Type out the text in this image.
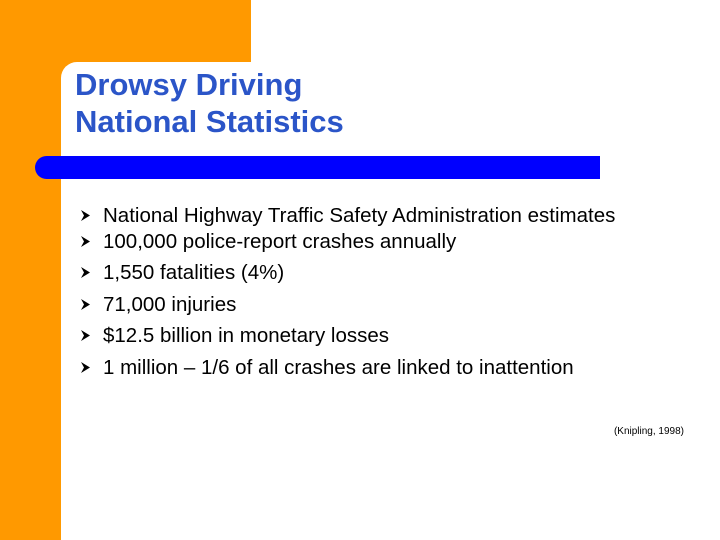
Drowsy Driving
National Statistics
National Highway Traffic Safety Administration estimates
100,000 police-report crashes annually
1,550 fatalities (4%)
71,000 injuries
$12.5 billion in monetary losses
1 million – 1/6 of all crashes are linked to inattention

(Knipling, 1998)
